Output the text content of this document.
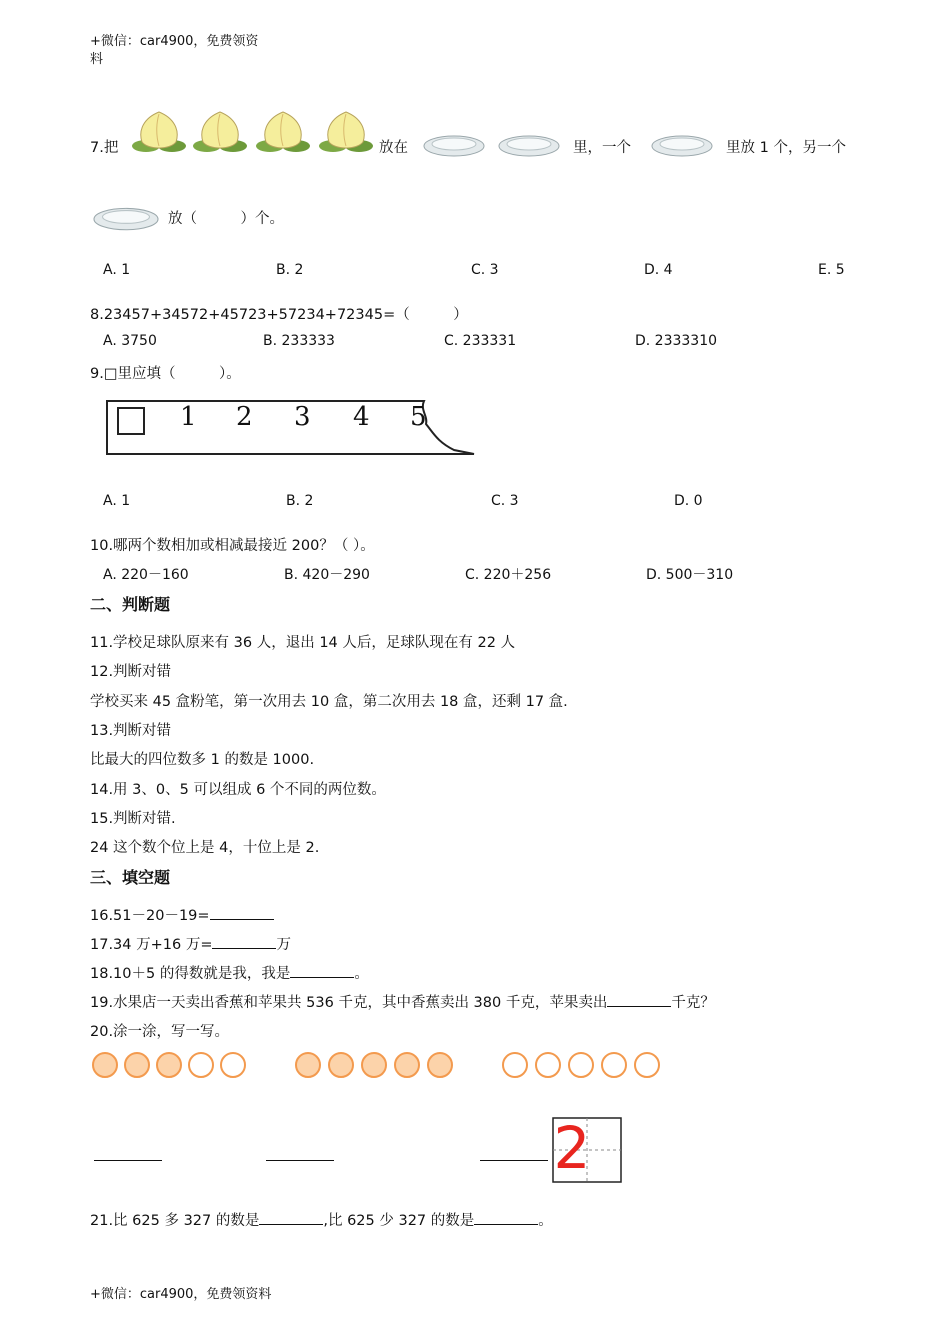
+微信：car4900，免费领资
料
7.把	放在	里，一个	里放 1 个，另一个
放（　　　）个。
A. 1	B. 2	C. 3	D. 4	E. 5
8.23457+34572+45723+57234+72345=（　　　）
A. 3750	B. 233333	C. 233331	D. 2333310
9.□里应填（　　　）。
1 2 3 4 5
A. 1	B. 2	C. 3	D. 0
10.哪两个数相加或相减最接近 200？（ ）。
A. 220－160	B. 420－290	C. 220＋256	D. 500－310
二、判断题
11.学校足球队原来有 36 人，退出 14 人后，足球队现在有 22 人
12.判断对错
学校买来 45 盒粉笔，第一次用去 10 盒，第二次用去 18 盒，还剩 17 盒.
13.判断对错
比最大的四位数多 1 的数是 1000.
14.用 3、0、5 可以组成 6 个不同的两位数。
15.判断对错.
24 这个数个位上是 4，十位上是 2.
三、填空题
16.51－20－19=
17.34 万+16 万=	万
18.10＋5 的得数就是我，我是	。
19.水果店一天卖出香蕉和苹果共 536 千克，其中香蕉卖出 380 千克，苹果卖出	千克？
20.涂一涂，写一写。
2
21.比 625 多 327 的数是	,比 625 少 327 的数是	。
+微信：car4900，免费领资料
